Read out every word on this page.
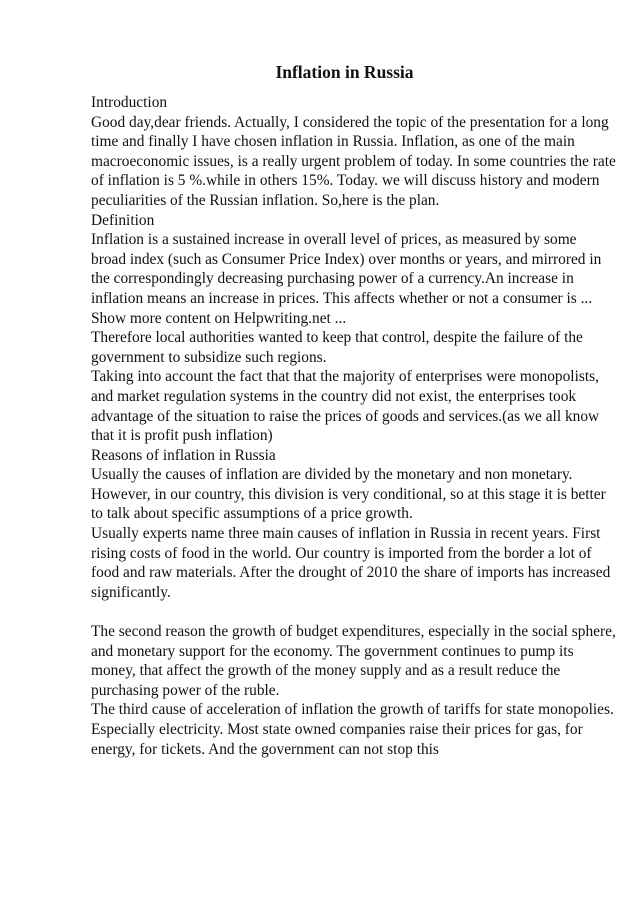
Inflation in Russia
Introduction
Good day,dear friends. Actually, I considered the topic of the presentation for a long
time and finally I have chosen inflation in Russia. Inflation, as one of the main
macroeconomic issues, is a really urgent problem of today. In some countries the rate
of inflation is 5 %.while in others 15%. Today. we will discuss history and modern
peculiarities of the Russian inflation. So,here is the plan.
Definition
Inflation is a sustained increase in overall level of prices, as measured by some
broad index (such as Consumer Price Index) over months or years, and mirrored in
the correspondingly decreasing purchasing power of a currency.An increase in
inflation means an increase in prices. This affects whether or not a consumer is ...
Show more content on Helpwriting.net ...
Therefore local authorities wanted to keep that control, despite the failure of the
government to subsidize such regions.
Taking into account the fact that that the majority of enterprises were monopolists,
and market regulation systems in the country did not exist, the enterprises took
advantage of the situation to raise the prices of goods and services.(as we all know
that it is profit push inflation)
Reasons of inflation in Russia
Usually the causes of inflation are divided by the monetary and non monetary.
However, in our country, this division is very conditional, so at this stage it is better
to talk about specific assumptions of a price growth.
Usually experts name three main causes of inflation in Russia in recent years. First
rising costs of food in the world. Our country is imported from the border a lot of
food and raw materials. After the drought of 2010 the share of imports has increased
significantly.
The second reason the growth of budget expenditures, especially in the social sphere,
and monetary support for the economy. The government continues to pump its
money, that affect the growth of the money supply and as a result reduce the
purchasing power of the ruble.
The third cause of acceleration of inflation the growth of tariffs for state monopolies.
Especially electricity. Most state owned companies raise their prices for gas, for
energy, for tickets. And the government can not stop this
